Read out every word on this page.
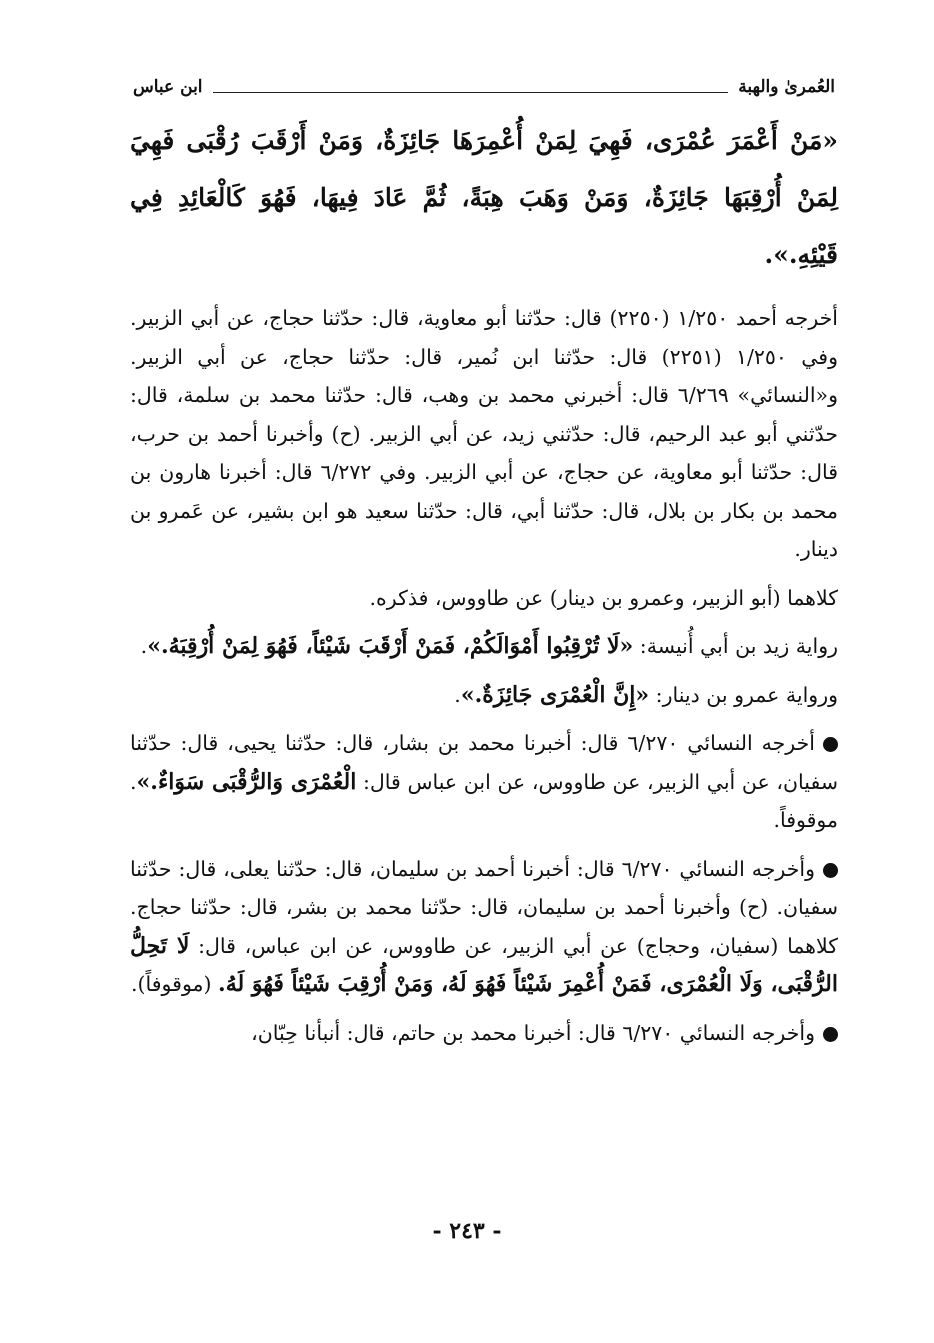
العُمرىٰ والهبة
ابن عباس

«مَنْ أَعْمَرَ عُمْرَى، فَهِيَ لِمَنْ أُعْمِرَهَا جَائِزَةٌ، وَمَنْ أَرْقَبَ رُقْبَى فَهِيَ لِمَنْ أُرْقِبَهَا جَائِزَةٌ، وَمَنْ وَهَبَ هِبَةً، ثُمَّ عَادَ فِيهَا، فَهُوَ كَالْعَائِدِ فِي قَيْئِهِ.».

أخرجه أحمد ١/٢٥٠ (٢٢٥٠) قال: حدّثنا أبو معاوية، قال: حدّثنا حجاج، عن أبي الزبير. وفي ١/٢٥٠ (٢٢٥١) قال: حدّثنا ابن نُمير، قال: حدّثنا حجاج، عن أبي الزبير. و«النسائي» ٦/٢٦٩ قال: أخبرني محمد بن وهب، قال: حدّثنا محمد بن سلمة، قال: حدّثني أبو عبد الرحيم، قال: حدّثني زيد، عن أبي الزبير. (ح) وأخبرنا أحمد بن حرب، قال: حدّثنا أبو معاوية، عن حجاج، عن أبي الزبير. وفي ٦/٢٧٢ قال: أخبرنا هارون بن محمد بن بكار بن بلال، قال: حدّثنا أبي، قال: حدّثنا سعيد هو ابن بشير، عن عَمرو بن دينار.

كلاهما (أبو الزبير، وعمرو بن دينار) عن طاووس، فذكره.

رواية زيد بن أبي أُنيسة: «لَا تُرْقِبُوا أَمْوَالَكُمْ، فَمَنْ أَرْقَبَ شَيْئاً، فَهُوَ لِمَنْ أُرْقِبَهُ.».

ورواية عمرو بن دينار: «إِنَّ الْعُمْرَى جَائِزَةٌ.».

أخرجه النسائي ٦/٢٧٠ قال: أخبرنا محمد بن بشار، قال: حدّثنا يحيى، قال: حدّثنا سفيان، عن أبي الزبير، عن طاووس، عن ابن عباس قال: الْعُمْرَى وَالرُّقْبَى سَوَاءٌ.». موقوفاً.

وأخرجه النسائي ٦/٢٧٠ قال: أخبرنا أحمد بن سليمان، قال: حدّثنا يعلى، قال: حدّثنا سفيان. (ح) وأخبرنا أحمد بن سليمان، قال: حدّثنا محمد بن بشر، قال: حدّثنا حجاج. كلاهما (سفيان، وحجاج) عن أبي الزبير، عن طاووس، عن ابن عباس، قال: لَا تَحِلُّ الرُّقْبَى، وَلَا الْعُمْرَى، فَمَنْ أُعْمِرَ شَيْئاً فَهُوَ لَهُ، وَمَنْ أُرْقِبَ شَيْئاً فَهُوَ لَهُ. (موقوفاً).

وأخرجه النسائي ٦/٢٧٠ قال: أخبرنا محمد بن حاتم، قال: أنبأنا حِبّان،

- ٢٤٣ -
